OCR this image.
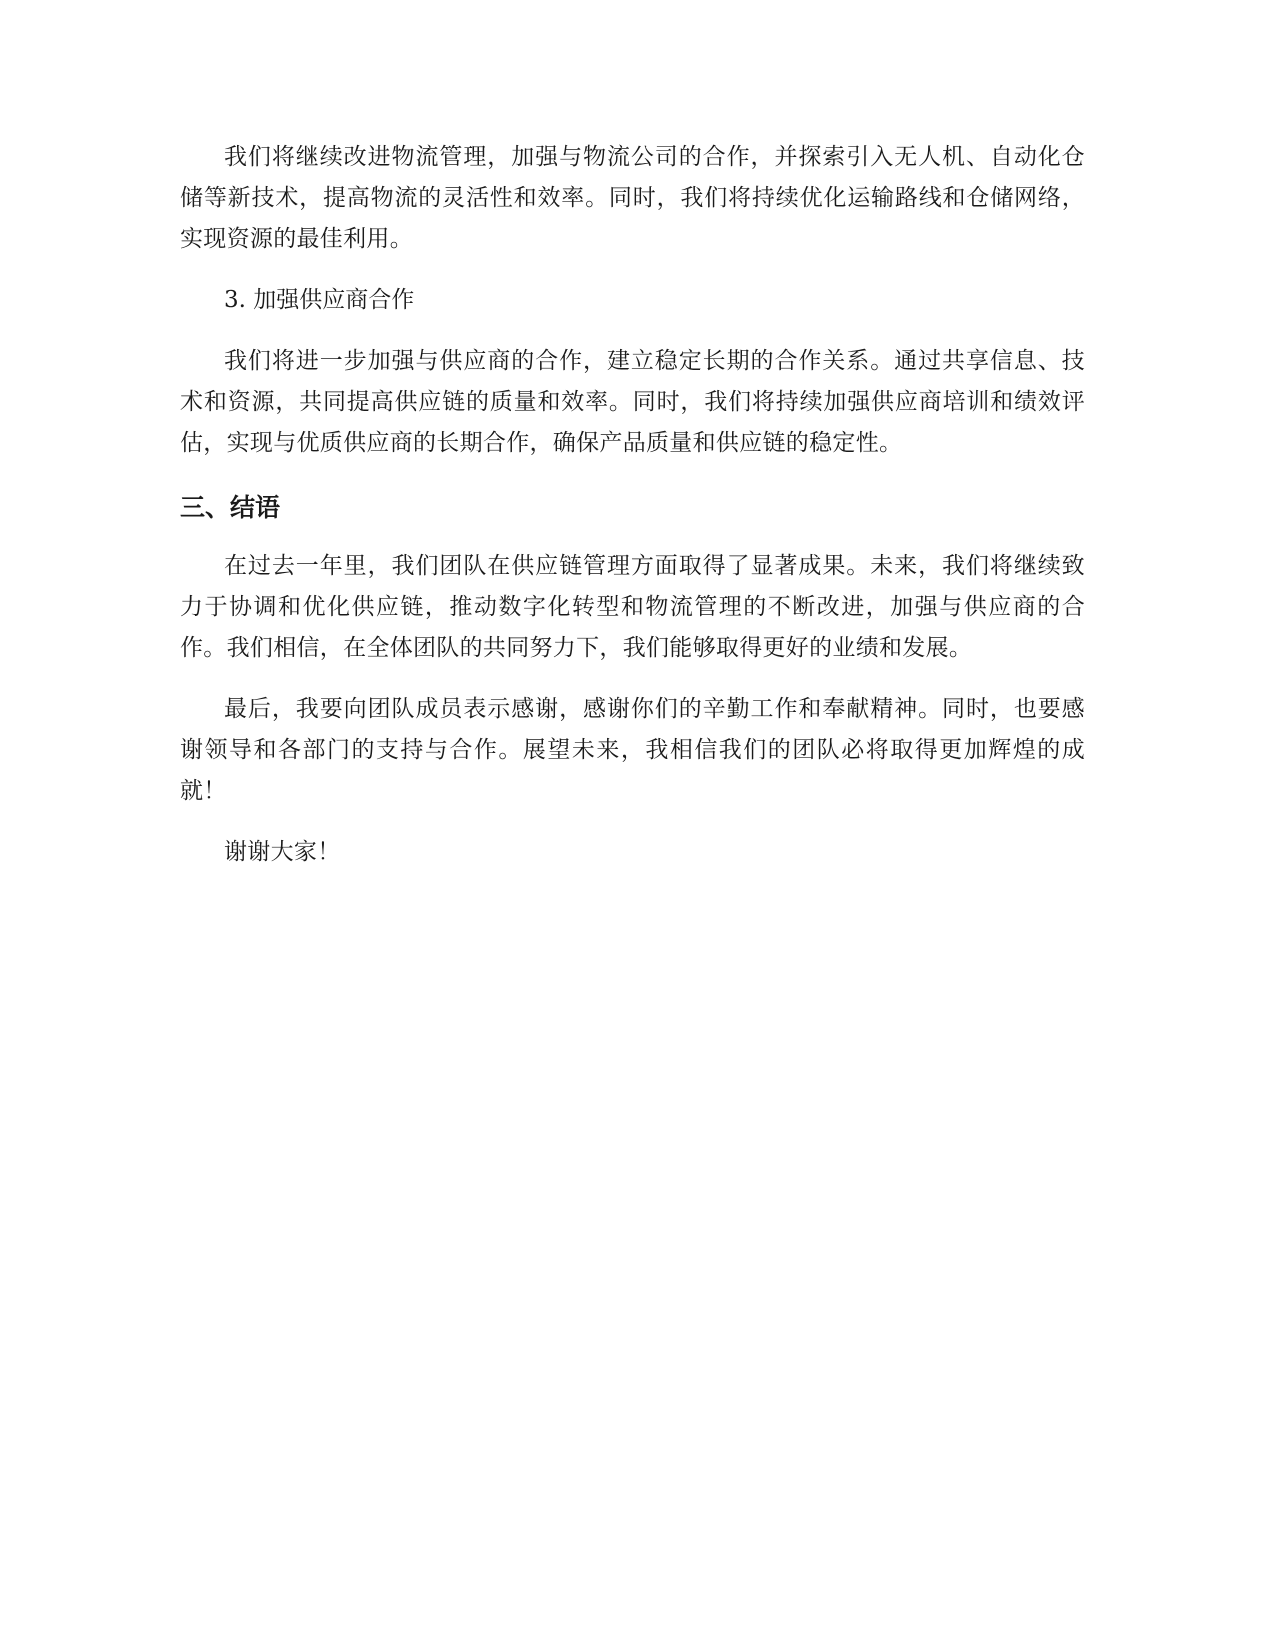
我们将继续改进物流管理，加强与物流公司的合作，并探索引入无人机、自动化仓储等新技术，提高物流的灵活性和效率。同时，我们将持续优化运输路线和仓储网络，实现资源的最佳利用。

3. 加强供应商合作

我们将进一步加强与供应商的合作，建立稳定长期的合作关系。通过共享信息、技术和资源，共同提高供应链的质量和效率。同时，我们将持续加强供应商培训和绩效评估，实现与优质供应商的长期合作，确保产品质量和供应链的稳定性。

三、结语

在过去一年里，我们团队在供应链管理方面取得了显著成果。未来，我们将继续致力于协调和优化供应链，推动数字化转型和物流管理的不断改进，加强与供应商的合作。我们相信，在全体团队的共同努力下，我们能够取得更好的业绩和发展。

最后，我要向团队成员表示感谢，感谢你们的辛勤工作和奉献精神。同时，也要感谢领导和各部门的支持与合作。展望未来，我相信我们的团队必将取得更加辉煌的成就！

谢谢大家！
